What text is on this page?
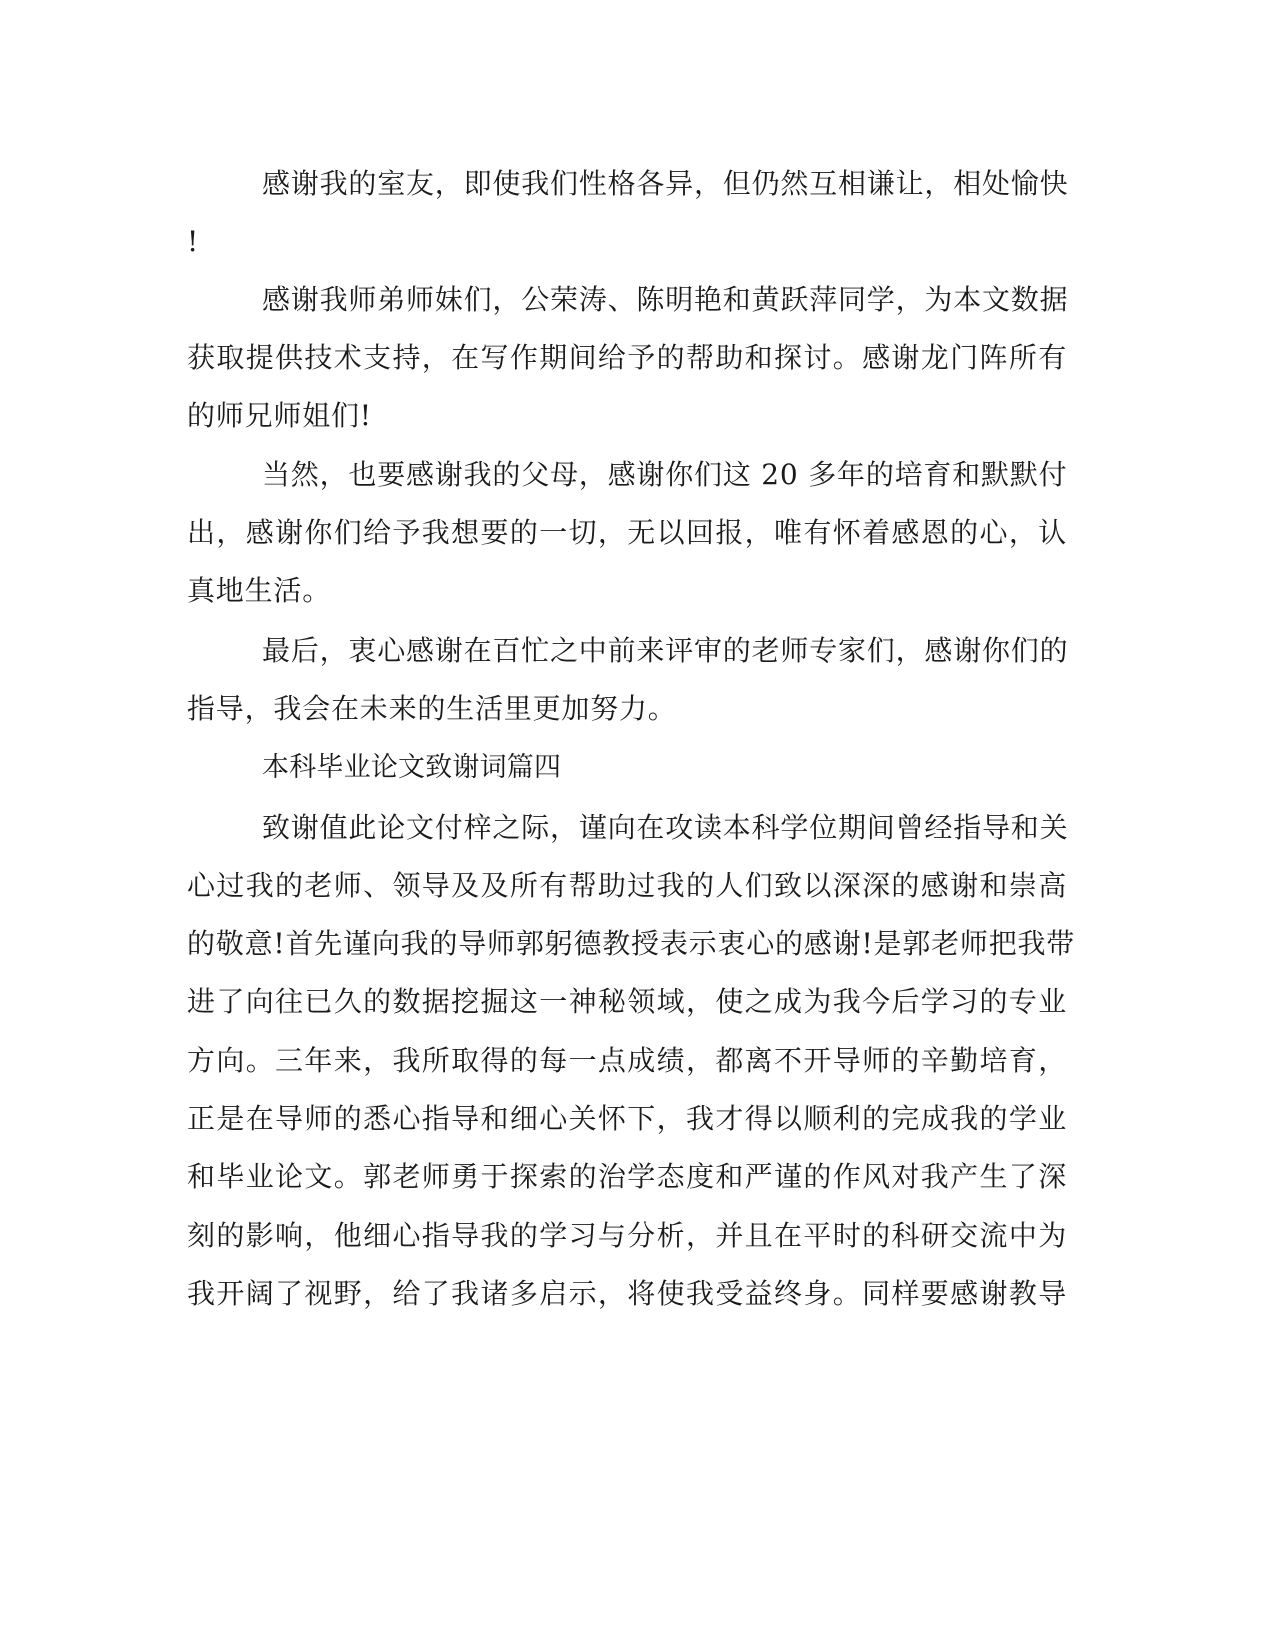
感谢我的室友，即使我们性格各异，但仍然互相谦让，相处愉快
!
感谢我师弟师妹们，公荣涛、陈明艳和黄跃萍同学，为本文数据
获取提供技术支持，在写作期间给予的帮助和探讨。感谢龙门阵所有
的师兄师姐们!
当然，也要感谢我的父母，感谢你们这 20 多年的培育和默默付
出，感谢你们给予我想要的一切，无以回报，唯有怀着感恩的心，认
真地生活。
最后，衷心感谢在百忙之中前来评审的老师专家们，感谢你们的
指导，我会在未来的生活里更加努力。
本科毕业论文致谢词篇四
致谢值此论文付梓之际，谨向在攻读本科学位期间曾经指导和关
心过我的老师、领导及及所有帮助过我的人们致以深深的感谢和崇高
的敬意!首先谨向我的导师郭躬德教授表示衷心的感谢!是郭老师把我带
进了向往已久的数据挖掘这一神秘领域，使之成为我今后学习的专业
方向。三年来，我所取得的每一点成绩，都离不开导师的辛勤培育，
正是在导师的悉心指导和细心关怀下，我才得以顺利的完成我的学业
和毕业论文。郭老师勇于探索的治学态度和严谨的作风对我产生了深
刻的影响，他细心指导我的学习与分析，并且在平时的科研交流中为
我开阔了视野，给了我诸多启示，将使我受益终身。同样要感谢教导
